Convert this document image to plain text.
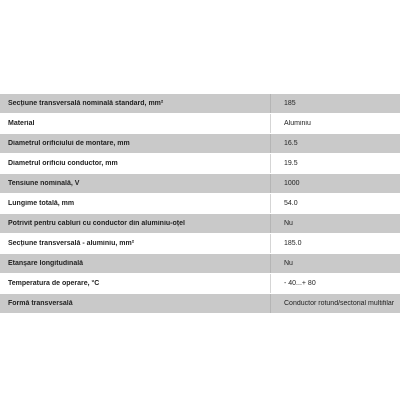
Secțiune transversală nominală standard, mm²	185
Material	Aluminiu
Diametrul orificiului de montare, mm	16.5
Diametrul orificiu conductor, mm	19.5
Tensiune nominală, V	1000
Lungime totală, mm	54.0
Potrivit pentru cabluri cu conductor din aluminiu-oțel	Nu
Secțiune transversală - aluminiu, mm²	185.0
Etanșare longitudinală	Nu
Temperatura de operare, °C	- 40...+ 80
Formă transversală	Conductor rotund/sectorial multifilar
